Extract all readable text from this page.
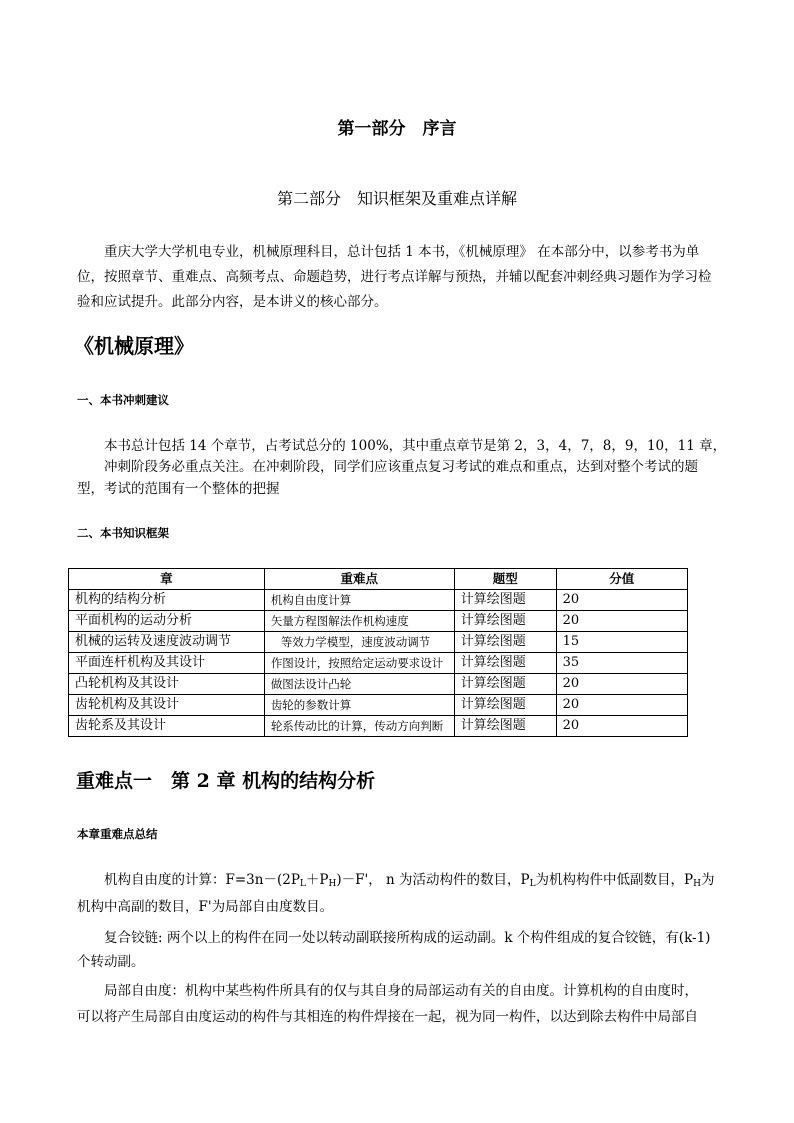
第一部分　序言
第二部分　知识框架及重难点详解
重庆大学大学机电专业，机械原理科目，总计包括 1 本书，《机械原理》 在本部分中，以参考书为单位，按照章节、重难点、高频考点、命题趋势，进行考点详解与预热，并辅以配套冲刺经典习题作为学习检验和应试提升。此部分内容，是本讲义的核心部分。
《机械原理》
一、本书冲刺建议
本书总计包括 14 个章节，占考试总分的 100%，其中重点章节是第 2，3，4，7，8，9，10，11 章，
冲刺阶段务必重点关注。在冲刺阶段，同学们应该重点复习考试的难点和重点，达到对整个考试的题
型，考试的范围有一个整体的把握
二、本书知识框架
章	重难点	题型	分值
机构的结构分析	机构自由度计算	计算绘图题	20
平面机构的运动分析	矢量方程图解法作机构速度	计算绘图题	20
机械的运转及速度波动调节	等效力学模型，速度波动调节	计算绘图题	15
平面连杆机构及其设计	作图设计，按照给定运动要求设计	计算绘图题	35
凸轮机构及其设计	做图法设计凸轮	计算绘图题	20
齿轮机构及其设计	齿轮的参数计算	计算绘图题	20
齿轮系及其设计	轮系传动比的计算，传动方向判断	计算绘图题	20
重难点一　第 2 章 机构的结构分析
本章重难点总结
机构自由度的计算：$F=3n-(2P_L+P_H)-F'$， n 为活动构件的数目，$P_L$为机构构件中低副数目，$P_H$为
机构中高副的数目，F'为局部自由度数目。
复合铰链: 两个以上的构件在同一处以转动副联接所构成的运动副。k 个构件组成的复合铰链，有(k-1)
个转动副。
局部自由度：机构中某些构件所具有的仅与其自身的局部运动有关的自由度。计算机构的自由度时，
可以将产生局部自由度运动的构件与其相连的构件焊接在一起，视为同一构件，以达到除去构件中局部自
